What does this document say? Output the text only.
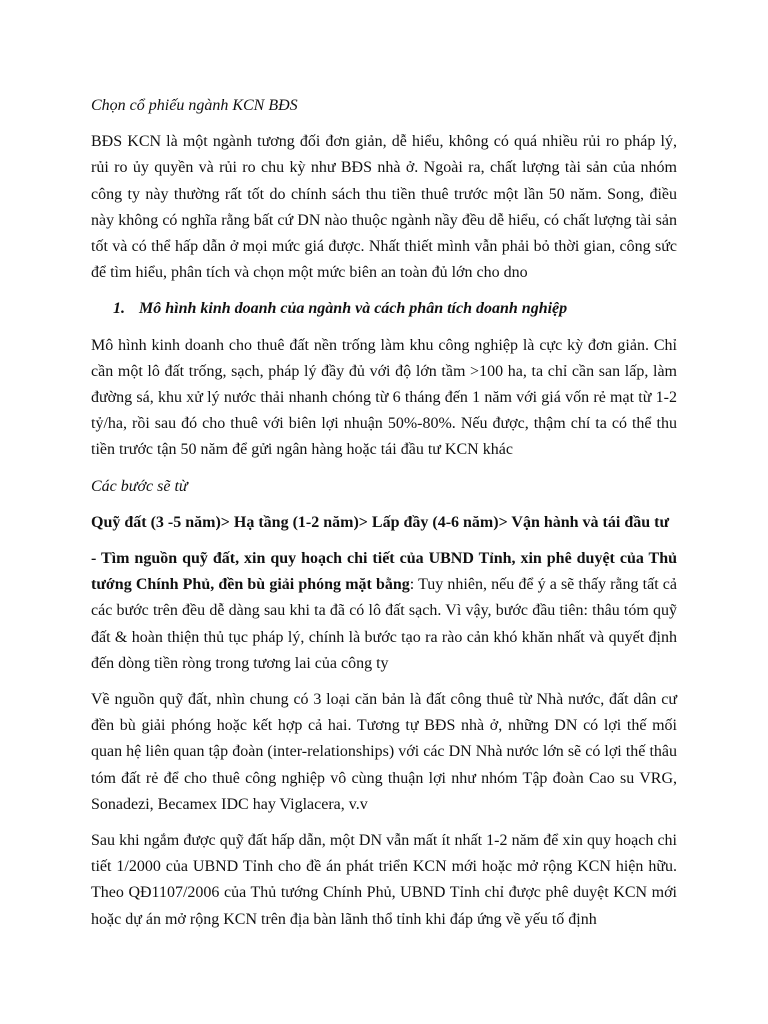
Chọn cổ phiếu ngành KCN BĐS

BĐS KCN là một ngành tương đối đơn giản, dễ hiểu, không có quá nhiều rủi ro pháp lý, rủi ro ủy quyền và rủi ro chu kỳ như BĐS nhà ở. Ngoài ra, chất lượng tài sản của nhóm công ty này thường rất tốt do chính sách thu tiền thuê trước một lần 50 năm. Song, điều này không có nghĩa rằng bất cứ DN nào thuộc ngành nầy đều dễ hiểu, có chất lượng tài sản tốt và có thể hấp dẫn ở mọi mức giá được. Nhất thiết mình vẫn phải bỏ thời gian, công sức để tìm hiểu, phân tích và chọn một mức biên an toàn đủ lớn cho dno

1. Mô hình kinh doanh của ngành và cách phân tích doanh nghiệp

Mô hình kinh doanh cho thuê đất nền trống làm khu công nghiệp là cực kỳ đơn giản. Chỉ cần một lô đất trống, sạch, pháp lý đầy đủ với độ lớn tầm >100 ha, ta chỉ cần san lấp, làm đường sá, khu xử lý nước thải nhanh chóng từ 6 tháng đến 1 năm với giá vốn rẻ mạt từ 1-2 tỷ/ha, rồi sau đó cho thuê với biên lợi nhuận 50%-80%. Nếu được, thậm chí ta có thể thu tiền trước tận 50 năm để gửi ngân hàng hoặc tái đầu tư KCN khác

Các bước sẽ từ

Quỹ đất (3 -5 năm)> Hạ tầng (1-2 năm)> Lấp đầy (4-6 năm)> Vận hành và tái đầu tư

- Tìm nguồn quỹ đất, xin quy hoạch chi tiết của UBND Tỉnh, xin phê duyệt của Thủ tướng Chính Phủ, đền bù giải phóng mặt bằng: Tuy nhiên, nếu để ý a sẽ thấy rằng tất cả các bước trên đều dễ dàng sau khi ta đã có lô đất sạch. Vì vậy, bước đầu tiên: thâu tóm quỹ đất & hoàn thiện thủ tục pháp lý, chính là bước tạo ra rào cản khó khăn nhất và quyết định đến dòng tiền ròng trong tương lai của công ty

Về nguồn quỹ đất, nhìn chung có 3 loại căn bản là đất công thuê từ Nhà nước, đất dân cư đền bù giải phóng hoặc kết hợp cả hai. Tương tự BĐS nhà ở, những DN có lợi thế mối quan hệ liên quan tập đoàn (inter-relationships) với các DN Nhà nước lớn sẽ có lợi thế thâu tóm đất rẻ để cho thuê công nghiệp vô cùng thuận lợi như nhóm Tập đoàn Cao su VRG, Sonadezi, Becamex IDC hay Viglacera, v.v

Sau khi ngắm được quỹ đất hấp dẫn, một DN vẫn mất ít nhất 1-2 năm để xin quy hoạch chi tiết 1/2000 của UBND Tỉnh cho đề án phát triển KCN mới hoặc mở rộng KCN hiện hữu. Theo QĐ1107/2006 của Thủ tướng Chính Phủ, UBND Tỉnh chỉ được phê duyệt KCN mới hoặc dự án mở rộng KCN trên địa bàn lãnh thổ tỉnh khi đáp ứng về yếu tố định
